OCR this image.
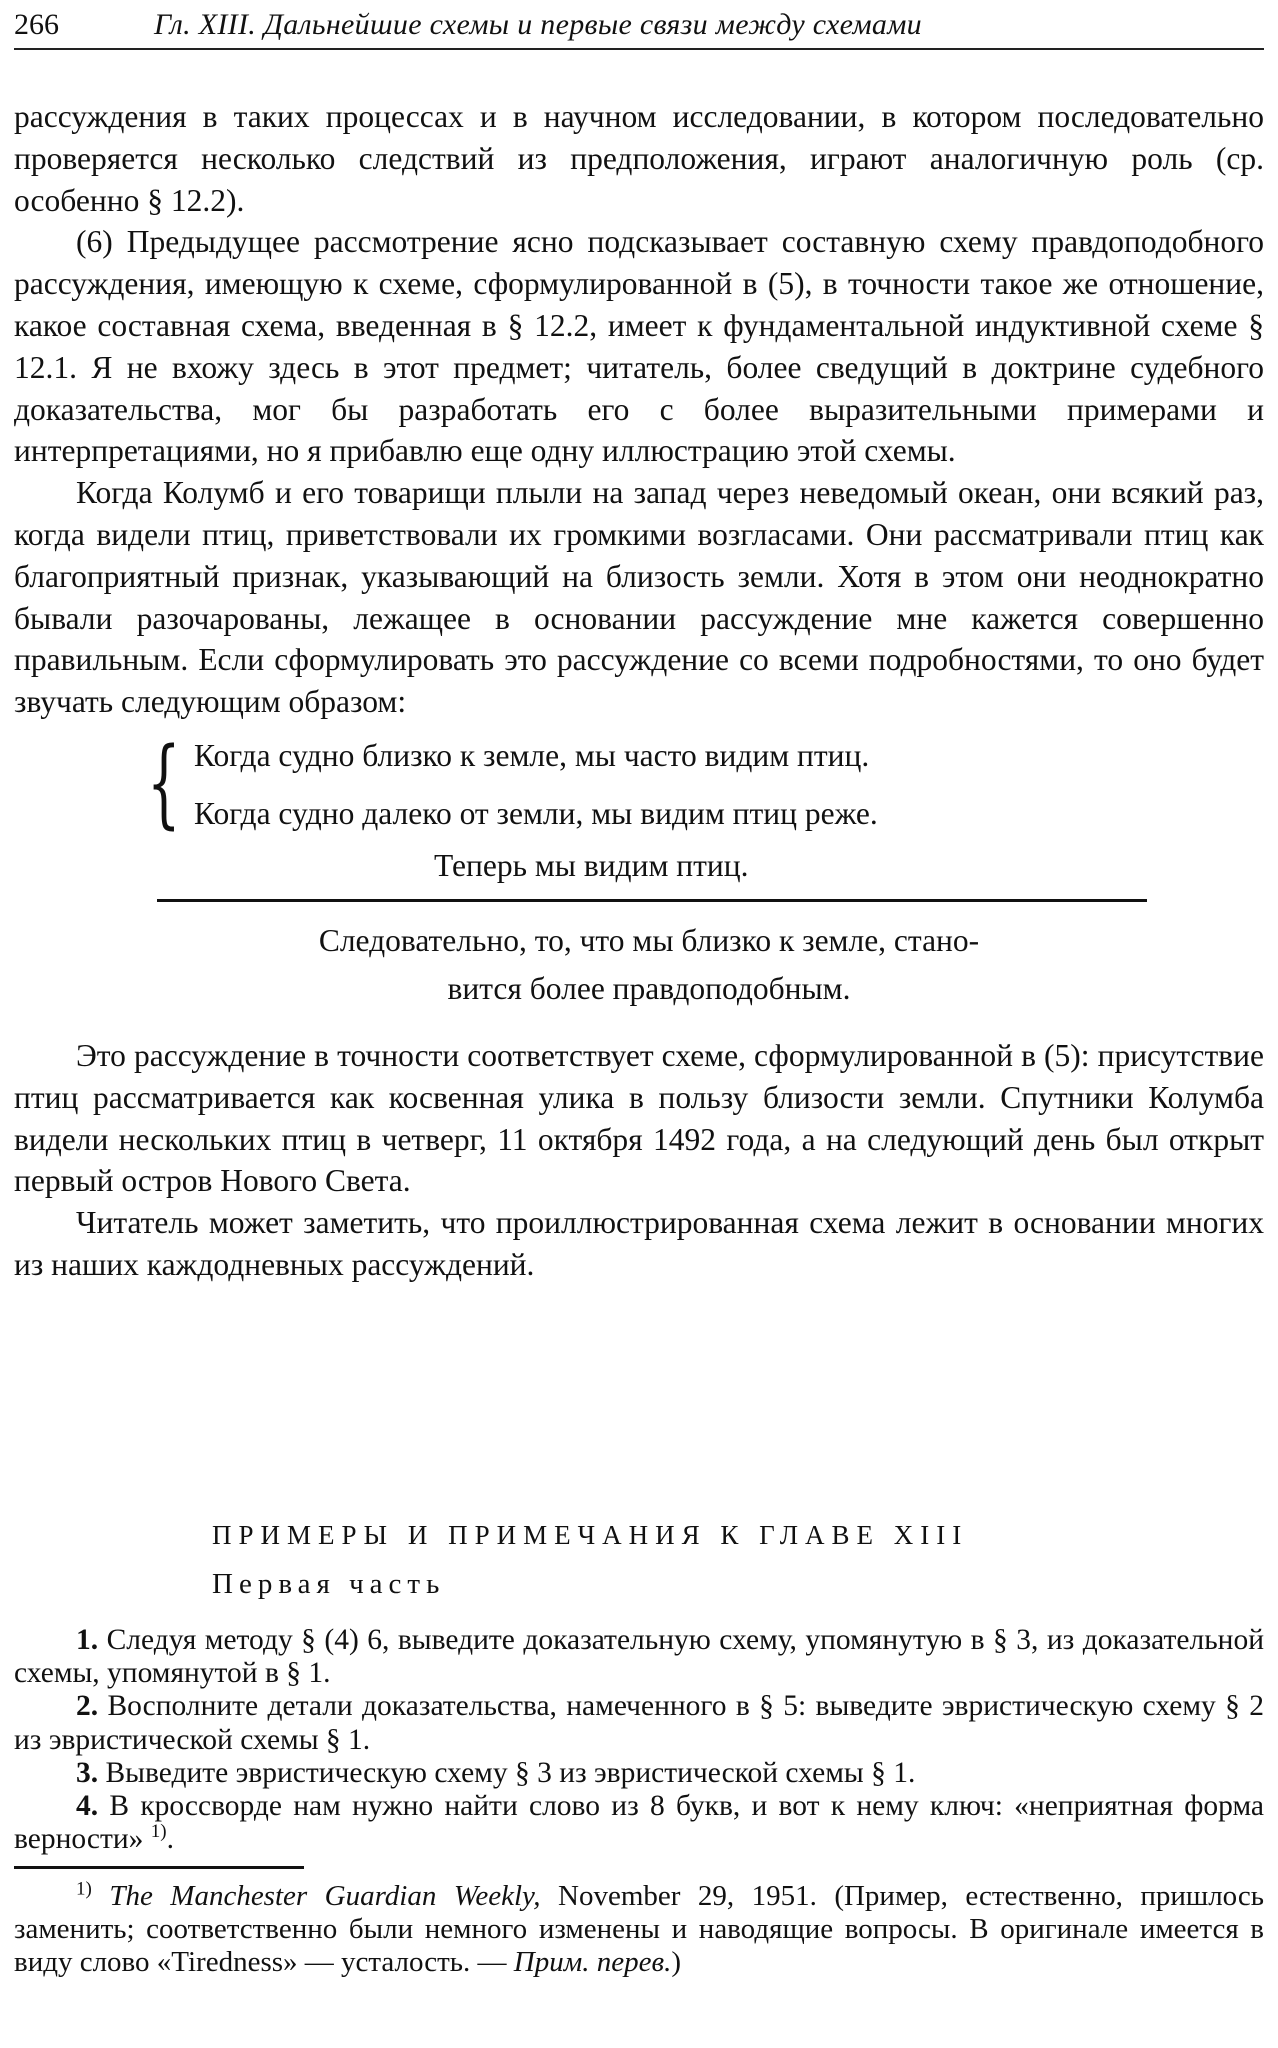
266	Гл. XIII. Дальнейшие схемы и первые связи между схемами

рассуждения в таких процессах и в научном исследовании, в котором последовательно проверяется несколько следствий из предположения, играют аналогичную роль (ср. особенно § 12.2).

(6) Предыдущее рассмотрение ясно подсказывает составную схему правдоподобного рассуждения, имеющую к схеме, сформулированной в (5), в точности такое же отношение, какое составная схема, введенная в § 12.2, имеет к фундаментальной индуктивной схеме § 12.1. Я не вхожу здесь в этот предмет; читатель, более сведущий в доктрине судебного доказательства, мог бы разработать его с более выразительными примерами и интерпретациями, но я прибавлю еще одну иллюстрацию этой схемы.

Когда Колумб и его товарищи плыли на запад через неведомый океан, они всякий раз, когда видели птиц, приветствовали их громкими возгласами. Они рассматривали птиц как благоприятный признак, указывающий на близость земли. Хотя в этом они неоднократно бывали разочарованы, лежащее в основании рассуждение мне кажется совершенно правильным. Если сформулировать это рассуждение со всеми подробностями, то оно будет звучать следующим образом:

{ Когда судно близко к земле, мы часто видим птиц.
Когда судно далеко от земли, мы видим птиц реже.
Теперь мы видим птиц.
Следовательно, то, что мы близко к земле, стано-
вится более правдоподобным.

Это рассуждение в точности соответствует схеме, сформулированной в (5): присутствие птиц рассматривается как косвенная улика в пользу близости земли. Спутники Колумба видели нескольких птиц в четверг, 11 октября 1492 года, а на следующий день был открыт первый остров Нового Света.

Читатель может заметить, что проиллюстрированная схема лежит в основании многих из наших каждодневных рассуждений.

ПРИМЕРЫ И ПРИМЕЧАНИЯ К ГЛАВЕ XIII
Первая часть

1. Следуя методу § (4) 6, выведите доказательную схему, упомянутую в § 3, из доказательной схемы, упомянутой в § 1.

2. Восполните детали доказательства, намеченного в § 5: выведите эвристическую схему § 2 из эвристической схемы § 1.

3. Выведите эвристическую схему § 3 из эвристической схемы § 1.

4. В кроссворде нам нужно найти слово из 8 букв, и вот к нему ключ: «неприятная форма верности» $^{1)}$.

$^{1)}$ The Manchester Guardian Weekly, November 29, 1951. (Пример, естественно, пришлось заменить; соответственно были немного изменены и наводящие вопросы. В оригинале имеется в виду слово «Tiredness» — усталость. — Прим. перев.)
